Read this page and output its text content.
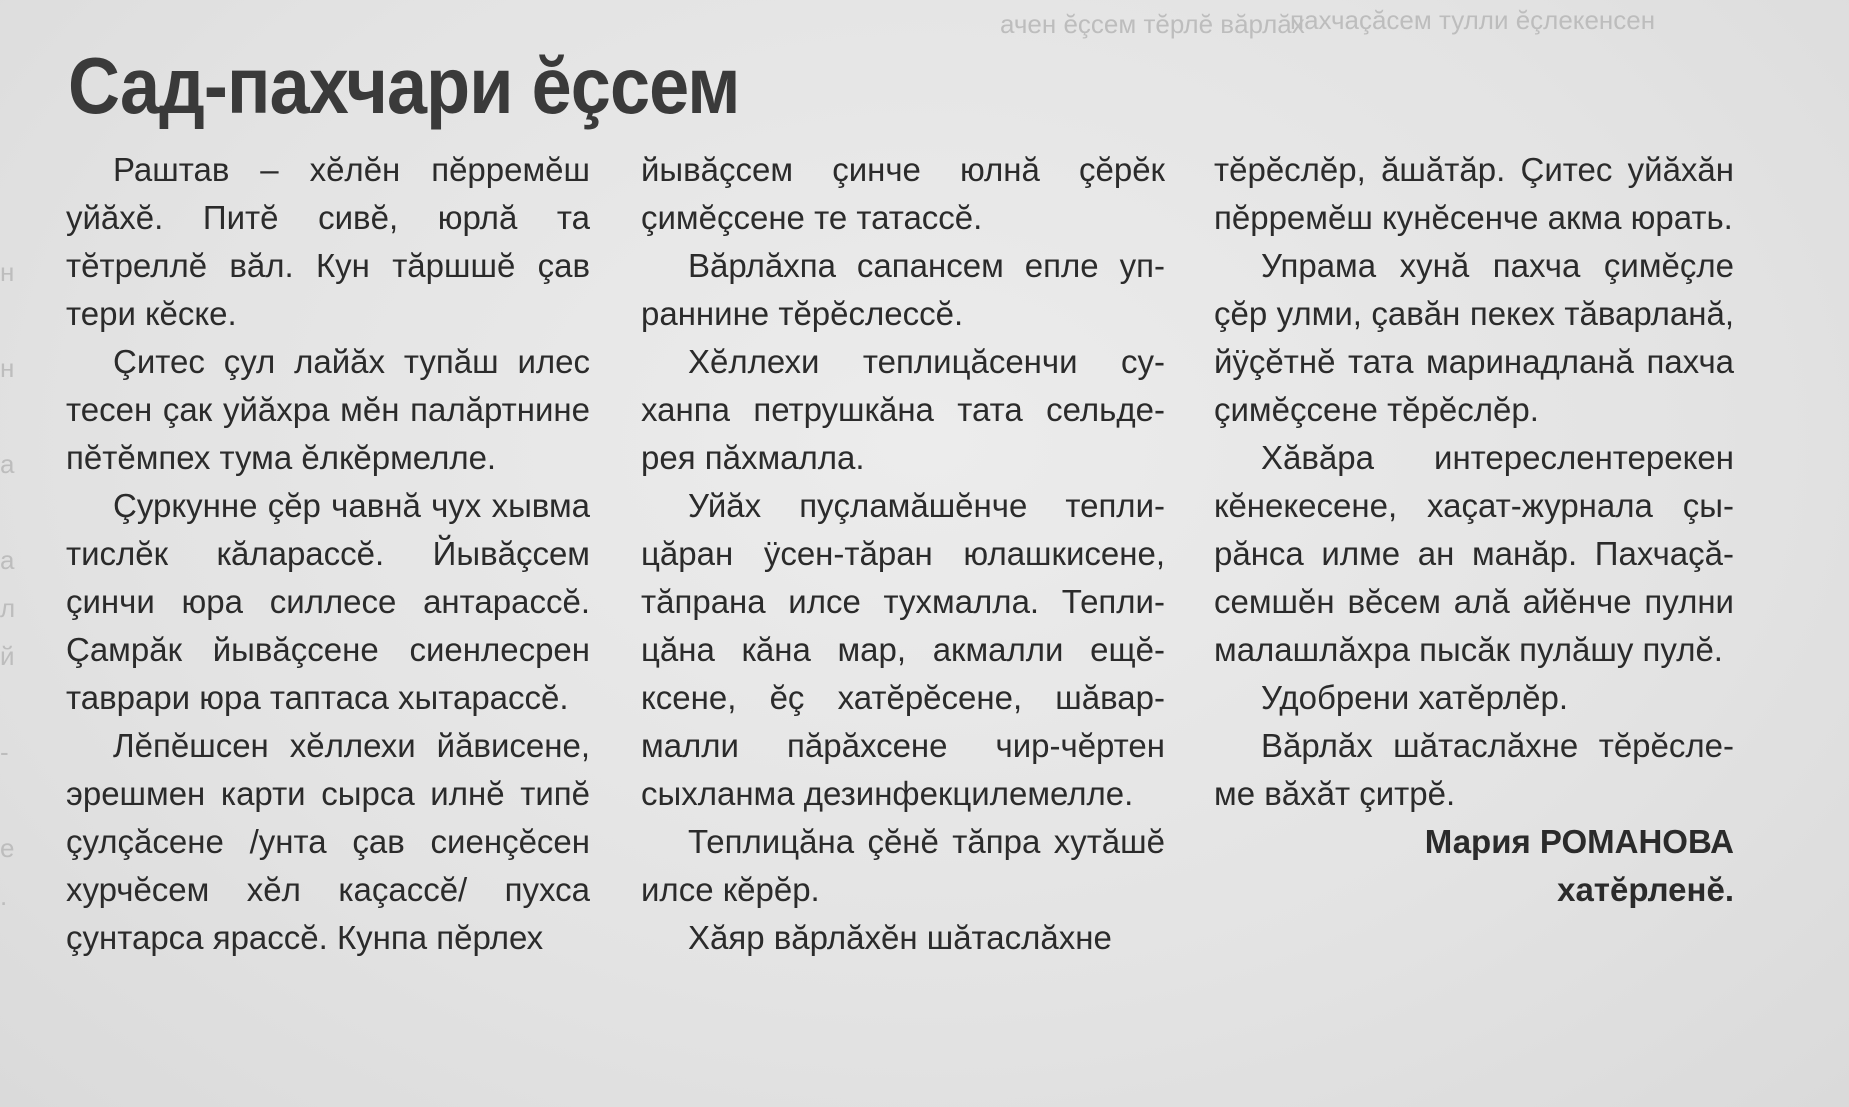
н

н

а

а
л
й

-

е
.
ачен ĕçсем тĕрлĕ вăрлăх
пахчаçăсем тулли ĕçлекенсен
Сад-пахчари ĕçсем

Раштав – хĕлĕн пĕрремĕш уйăхĕ. Питĕ сивĕ, юрлă та тĕтреллĕ вăл. Кун тăршшĕ çав тери кĕске.

Çитес çул лайăх тупăш илес тесен çак уйăхра мĕн палăртнине пĕтĕмпех тума ĕлкĕрмелле.

Çуркунне çĕр чавнă чух хывма тислĕк кăларассĕ. Йывăçсем çинчи юра силлесе антарассĕ. Çамрăк йывăçсене сиенлесрен таврари юра таптаса хытарассĕ.

Лĕпĕшсен хĕллехи йăвисене, эрешмен карти сырса илнĕ типĕ çулçăсене /унта çав сиенçĕсен хурчĕсем хĕл каçассĕ/ пухса çунтарса ярассĕ. Кунпа пĕрлех

йывăçсем çинче юлнă çĕрĕк çимĕçсене те татассĕ.

Вăрлăхпа сапансем епле упраннине тĕрĕслессĕ.

Хĕллехи теплицăсенчи суханпа петрушкăна тата сельдерея пăхмалла.

Уйăх пуçламăшĕнче теплицăран ÿсен-тăран юлашкисене, тăпрана илсе тухмалла. Теплицăна кăна мар, акмалли ещĕксене, ĕç хатĕрĕсене, шăвармалли пăрăхсене чир-чĕртен сыхланма дезинфекцилемелле.

Теплицăна çĕнĕ тăпра хутăшĕ илсе кĕрĕр.

Хăяр вăрлăхĕн шăтаслăхне

тĕрĕслĕр, ăшăтăр. Çитес уйăхăн пĕрремĕш кунĕсенче акма юрать.

Упрама хунă пахча çимĕçле çĕр улми, çавăн пекех тăварланă, йÿçĕтнĕ тата маринадланă пахча çимĕçсене тĕрĕслĕр.

Хăвăра интереслентерекен кĕнекесене, хаçат-журнала çырăнса илме ан манăр. Пахчаçăсемшĕн вĕсем алă айĕнче пулни малашлăхра пысăк пулăшу пулĕ.

Удобрени хатĕрлĕр.

Вăрлăх шăтаслăхне тĕрĕслеме вăхăт çитрĕ.

Мария РОМАНОВА

хатĕрленĕ.
